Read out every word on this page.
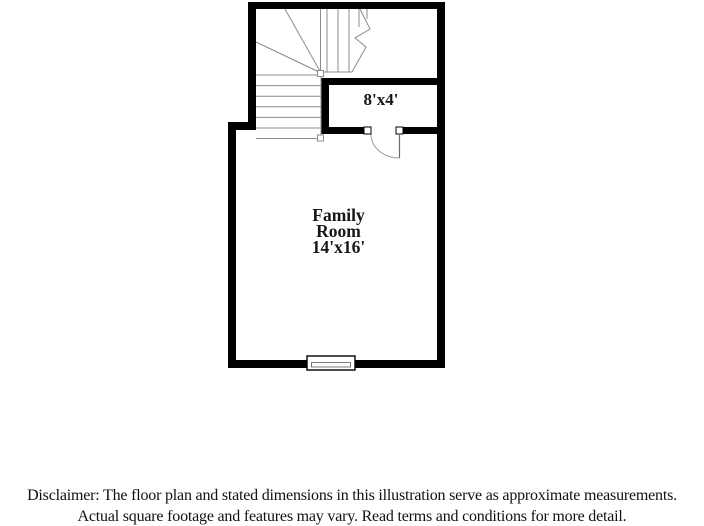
8'x4'
Family
Room
14'x16'
Disclaimer: The floor plan and stated dimensions in this illustration serve as approximate measurements.
Actual square footage and features may vary. Read terms and conditions for more detail.
